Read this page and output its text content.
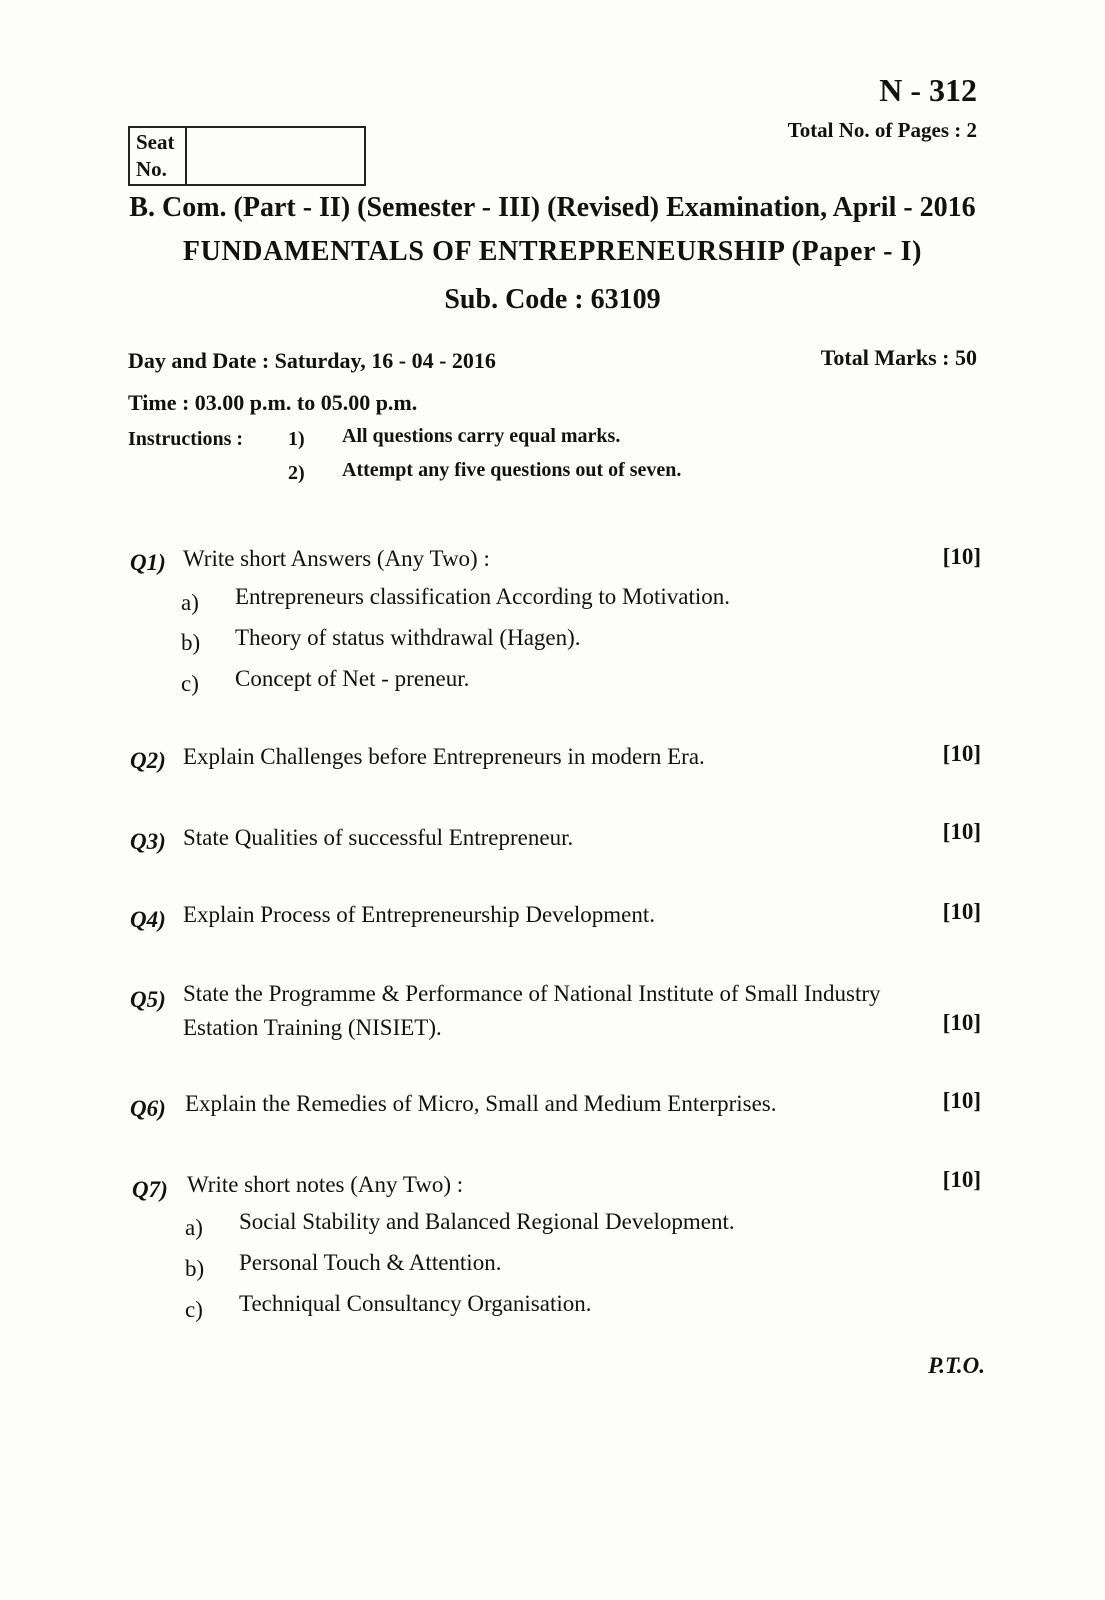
N - 312
Total No. of Pages : 2
Seat
No.
B. Com. (Part - II) (Semester - III) (Revised) Examination, April - 2016
FUNDAMENTALS OF ENTREPRENEURSHIP (Paper - I)
Sub. Code : 63109
Day and Date : Saturday, 16 - 04 - 2016	Total Marks : 50
Time : 03.00 p.m. to 05.00 p.m.
Instructions : 1) All questions carry equal marks.
2) Attempt any five questions out of seven.
Q1) Write short Answers (Any Two) :	[10]
a) Entrepreneurs classification According to Motivation.
b) Theory of status withdrawal (Hagen).
c) Concept of Net - preneur.
Q2) Explain Challenges before Entrepreneurs in modern Era.	[10]
Q3) State Qualities of successful Entrepreneur.	[10]
Q4) Explain Process of Entrepreneurship Development.	[10]
Q5) State the Programme & Performance of National Institute of Small Industry
Estation Training (NISIET).	[10]
Q6) Explain the Remedies of Micro, Small and Medium Enterprises.	[10]
Q7) Write short notes (Any Two) :	[10]
a) Social Stability and Balanced Regional Development.
b) Personal Touch & Attention.
c) Techniqual Consultancy Organisation.
P.T.O.
